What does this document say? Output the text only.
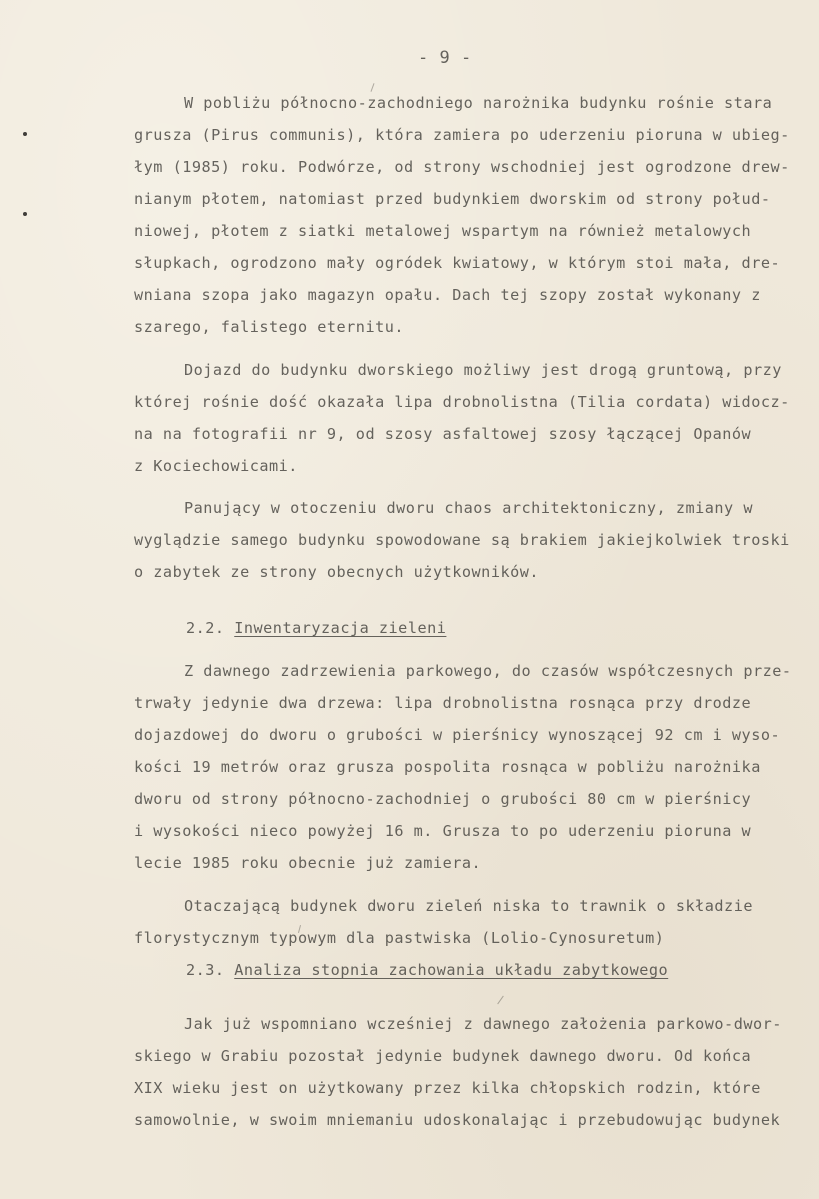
- 9 -
W pobliżu północno-zachodniego narożnika budynku rośnie stara
grusza (Pirus communis), która zamiera po uderzeniu pioruna w ubieg-
łym (1985) roku. Podwórze, od strony wschodniej jest ogrodzone drew-
nianym płotem, natomiast przed budynkiem dworskim od strony połud-
niowej, płotem z siatki metalowej wspartym na również metalowych
słupkach, ogrodzono mały ogródek kwiatowy, w którym stoi mała, dre-
wniana szopa jako magazyn opału. Dach tej szopy został wykonany z
szarego, falistego eternitu.
Dojazd do budynku dworskiego możliwy jest drogą gruntową, przy
której rośnie dość okazała lipa drobnolistna (Tilia cordata) widocz-
na na fotografii nr 9, od szosy asfaltowej szosy łączącej Opanów
z Kociechowicami.
Panujący w otoczeniu dworu chaos architektoniczny, zmiany w
wyglądzie samego budynku spowodowane są brakiem jakiejkolwiek troski
o zabytek ze strony obecnych użytkowników.
2.2. Inwentaryzacja zieleni
Z dawnego zadrzewienia parkowego, do czasów współczesnych prze-
trwały jedynie dwa drzewa: lipa drobnolistna rosnąca przy drodze
dojazdowej do dworu o grubości w pierśnicy wynoszącej 92 cm i wyso-
kości 19 metrów oraz grusza pospolita rosnąca w pobliżu narożnika
dworu od strony północno-zachodniej o grubości 80 cm w pierśnicy
i wysokości nieco powyżej 16 m. Grusza to po uderzeniu pioruna w
lecie 1985 roku obecnie już zamiera.
Otaczającą budynek dworu zieleń niska to trawnik o składzie
florystycznym typowym dla pastwiska (Lolio-Cynosuretum)
2.3. Analiza stopnia zachowania układu zabytkowego
Jak już wspomniano wcześniej z dawnego założenia parkowo-dwor-
skiego w Grabiu pozostał jedynie budynek dawnego dworu. Od końca
XIX wieku jest on użytkowany przez kilka chłopskich rodzin, które
samowolnie, w swoim mniemaniu udoskonalając i przebudowując budynek
